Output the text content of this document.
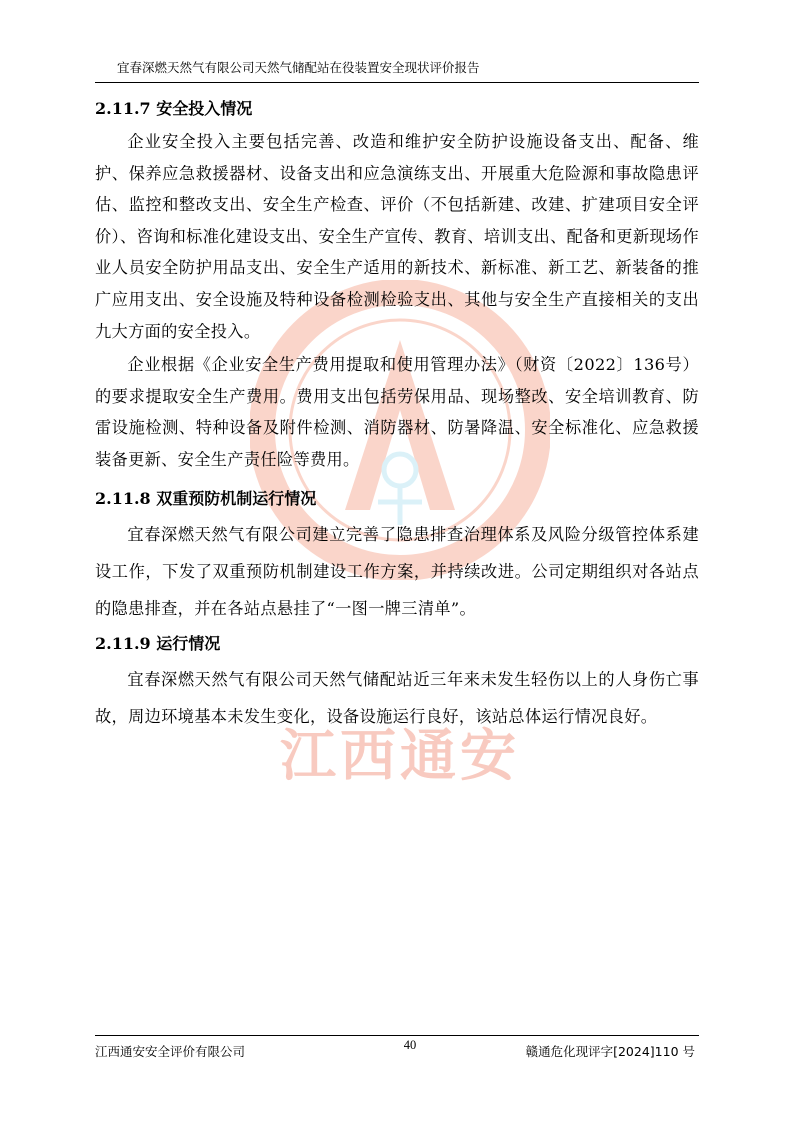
宜春深燃天然气有限公司天然气储配站在役装置安全现状评价报告
江西通安
2.11.7 安全投入情况

企业安全投入主要包括完善、改造和维护安全防护设施设备支出、配备、维护、保养应急救援器材、设备支出和应急演练支出、开展重大危险源和事故隐患评估、监控和整改支出、安全生产检查、评价（不包括新建、改建、扩建项目安全评价）、咨询和标准化建设支出、安全生产宣传、教育、培训支出、配备和更新现场作业人员安全防护用品支出、安全生产适用的新技术、新标准、新工艺、新装备的推广应用支出、安全设施及特种设备检测检验支出、其他与安全生产直接相关的支出九大方面的安全投入。

企业根据《企业安全生产费用提取和使用管理办法》（财资〔2022〕136号）的要求提取安全生产费用。费用支出包括劳保用品、现场整改、安全培训教育、防雷设施检测、特种设备及附件检测、消防器材、防暑降温、安全标准化、应急救援装备更新、安全生产责任险等费用。

2.11.8 双重预防机制运行情况

宜春深燃天然气有限公司建立完善了隐患排查治理体系及风险分级管控体系建设工作，下发了双重预防机制建设工作方案，并持续改进。公司定期组织对各站点的隐患排查，并在各站点悬挂了“一图一牌三清单”。

2.11.9 运行情况

宜春深燃天然气有限公司天然气储配站近三年来未发生轻伤以上的人身伤亡事故，周边环境基本未发生变化，设备设施运行良好，该站总体运行情况良好。

江西通安安全评价有限公司	40	赣通危化现评字[2024]110 号
